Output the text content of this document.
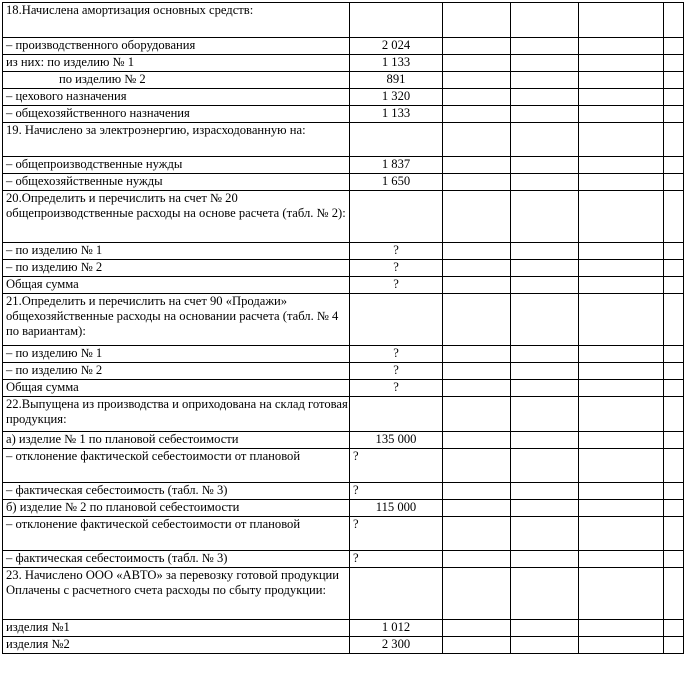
18.Начислена амортизация основных средств:					
– производственного оборудования	2 024				
из них: по изделию № 1	1 133				
по изделию № 2	891				
– цехового назначения	1 320				
– общехозяйственного назначения	1 133				
19. Начислено за электроэнергию, израсходованную на:					
– общепроизводственные нужды	1 837				
– общехозяйственные нужды	1 650				
20.Определить и перечислить на счет № 20 общепроизводственные расходы на основе расчета (табл. № 2):					
– по изделию № 1	?				
– по изделию № 2	?				
Общая сумма	?				
21.Определить и перечислить на счет 90 «Продажи» общехозяйственные расходы на основании расчета (табл. № 4 по вариантам):					
– по изделию № 1	?				
– по изделию № 2	?				
Общая сумма	?				
22.Выпущена из производства и оприходована на склад готовая продукция:					
а) изделие № 1 по плановой себестоимости	135 000				
– отклонение фактической себестоимости от плановой	?				
– фактическая себестоимость (табл. № 3)	?				
б) изделие № 2 по плановой себестоимости	115 000				
– отклонение фактической себестоимости от плановой	?				
– фактическая себестоимость (табл. № 3)	?				
23. Начислено ООО «АВТО» за перевозку готовой продукции Оплачены с расчетного счета расходы по сбыту продукции:					
изделия №1	1 012				
изделия №2	2 300				
